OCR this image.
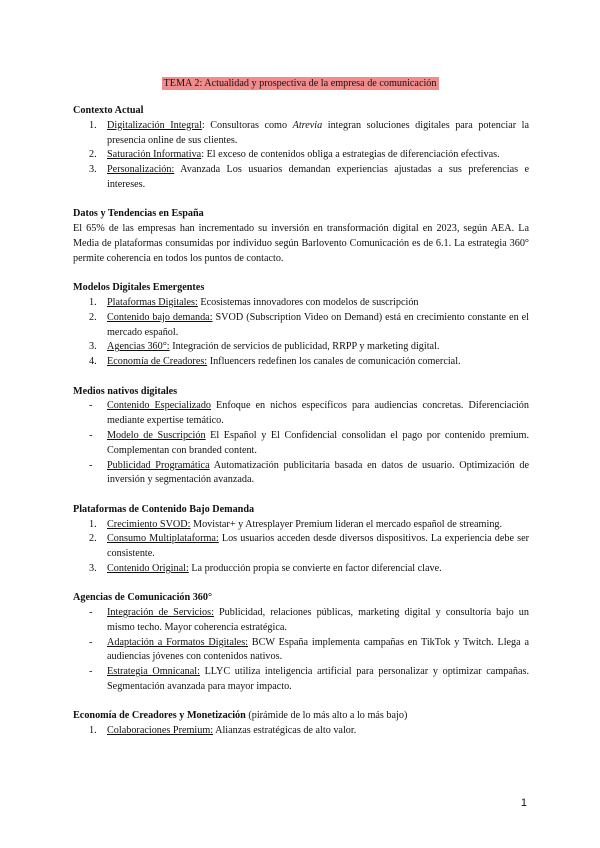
TEMA 2: Actualidad y prospectiva de la empresa de comunicación
Contexto Actual
1. Digitalización Integral: Consultoras como Atrevia integran soluciones digitales para potenciar la presencia online de sus clientes.
2. Saturación Informativa: El exceso de contenidos obliga a estrategias de diferenciación efectivas.
3. Personalización: Avanzada Los usuarios demandan experiencias ajustadas a sus preferencias e intereses.
Datos y Tendencias en España

El 65% de las empresas han incrementado su inversión en transformación digital en 2023, según AEA. La Media de plataformas consumidas por individuo según Barlovento Comunicación es de 6.1. La estrategia 360° permite coherencia en todos los puntos de contacto.

Modelos Digitales Emergentes
1. Plataformas Digitales: Ecosistemas innovadores con modelos de suscripción
2. Contenido bajo demanda: SVOD (Subscription Video on Demand) está en crecimiento constante en el mercado español.
3. Agencias 360°: Integración de servicios de publicidad, RRPP y marketing digital.
4. Economía de Creadores: Influencers redefinen los canales de comunicación comercial.
Medios nativos digitales
- Contenido Especializado Enfoque en nichos específicos para audiencias concretas. Diferenciación mediante expertise temático.
- Modelo de Suscripción El Español y El Confidencial consolidan el pago por contenido premium. Complementan con branded content.
- Publicidad Programática Automatización publicitaria basada en datos de usuario. Optimización de inversión y segmentación avanzada.
Plataformas de Contenido Bajo Demanda
1. Crecimiento SVOD: Movistar+ y Atresplayer Premium lideran el mercado español de streaming.
2. Consumo Multiplataforma: Los usuarios acceden desde diversos dispositivos. La experiencia debe ser consistente.
3. Contenido Original: La producción propia se convierte en factor diferencial clave.
Agencias de Comunicación 360°
- Integración de Servicios: Publicidad, relaciones públicas, marketing digital y consultoría bajo un mismo techo. Mayor coherencia estratégica.
- Adaptación a Formatos Digitales: BCW España implementa campañas en TikTok y Twitch. Llega a audiencias jóvenes con contenidos nativos.
- Estrategia Omnicanal: LLYC utiliza inteligencia artificial para personalizar y optimizar campañas. Segmentación avanzada para mayor impacto.
Economía de Creadores y Monetización (pirámide de lo más alto a lo más bajo)
1. Colaboraciones Premium: Alianzas estratégicas de alto valor.
1
